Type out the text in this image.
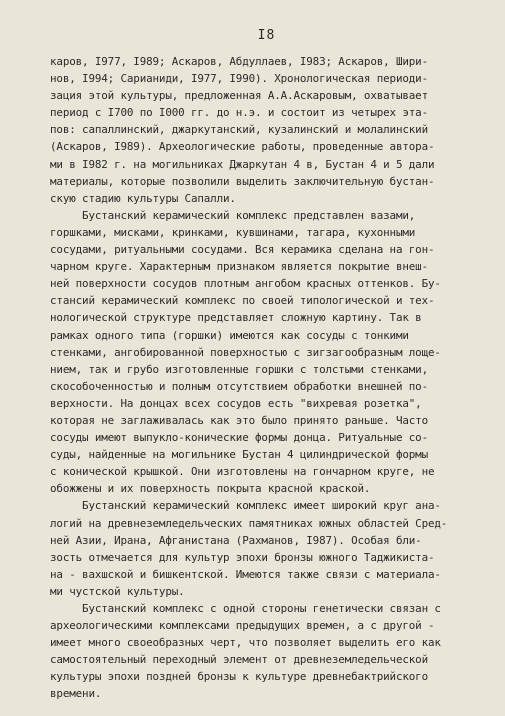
I8
каров, I977, I989; Аскаров, Абдуллаев, I983; Аскаров, Шири-
нов, I994; Сарианиди, I977, I990). Хронологическая периоди-
зация этой культуры, предложенная А.А.Аскаровым, охватывает
период с I700 по I000 гг. до н.э. и состоит из четырех эта-
пов: сапаллинский, джаркутанский, кузалинский и молалинский
(Аскаров, I989). Археологические работы, проведенные автора-
ми в I982 г. на могильниках Джаркутан 4 в, Бустан 4 и 5 дали
материалы, которые позволили выделить заключительную бустан-
скую стадию культуры Сапалли.
Бустанский керамический комплекс представлен вазами,
горшками, мисками, кринками, кувшинами, тагара, кухонными
сосудами, ритуальными сосудами. Вся керамика сделана на гон-
чарном круге. Характерным признаком является покрытие внеш-
ней поверхности сосудов плотным ангобом красных оттенков. Бу-
стансий керамический комплекс по своей типологической и тех-
нологической структуре представляет сложную картину. Так в
рамках одного типа (горшки) имеются как сосуды с тонкими
стенками, ангобированной поверхностью с зигзагообразным лоще-
нием, так и грубо изготовленные горшки с толстыми стенками,
скособоченностью и полным отсутствием обработки внешней по-
верхности. На донцах всех сосудов есть "вихревая розетка",
которая не заглаживалась как это было принято раньше. Часто
сосуды имеют выпукло-конические формы донца. Ритуальные со-
суды, найденные на могильнике Бустан 4 цилиндрической формы
с конической крышкой. Они изготовлены на гончарном круге, не
обожжены и их поверхность покрыта красной краской.
Бустанский керамический комплекс имеет широкий круг ана-
логий на древнеземледельческих памятниках южных областей Сред-
ней Азии, Ирана, Афганистана (Рахманов, I987). Особая бли-
зость отмечается для культур эпохи бронзы южного Таджикиста-
на - вахшской и бишкентской. Имеются также связи с материала-
ми чустской культуры.
Бустанский комплекс с одной стороны генетически связан с
археологическими комплексами предыдущих времен, а с другой -
имеет много своеобразных черт, что позволяет выделить его как
самостоятельный переходный элемент от древнеземледельческой
культуры эпохи поздней бронзы к культуре древнебактрийского
времени.
